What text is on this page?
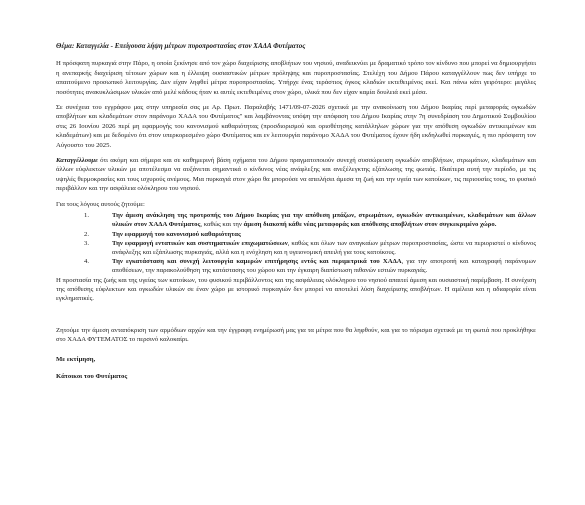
Θέμα: Καταγγελία - Επείγουσα λήψη μέτρων πυροπροστασίας στον ΧΑΔΑ Φυτέματος

Η πρόσφατη πυρκαγιά στην Πάρο, η οποία ξεκίνησε από τον χώρο διαχείρισης αποβλήτων του νησιού, αναδεικνύει με δραματικό τρόπο τον κίνδυνο που μπορεί να δημιουργήσει η ανεπαρκής διαχείριση τέτοιων χώρων και η έλλειψη ουσιαστικών μέτρων πρόληψης και πυροπροστασίας. Στελέχη του Δήμου Πάρου καταγγέλλουν πως δεν υπήρχε το απαιτούμενο προσωπικό λειτουργίας. Δεν είχαν ληφθεί μέτρα πυροπροστασίας. Υπήρχε ένας τεράστιος όγκος κλαδιών εκτεθειμένος εκεί. Και πάνω κάτι γειρότερο: μεγάλες ποσότητες ανακυκλώσιμων υλικών από μελέ κάδους ήταν κι αυτές εκτεθειμένες στον χώρο, υλικά που δεν είχαν καμία δουλειά εκεί μέσα.

Σε συνέχεια του εγγράφου μας στην υπηρεσία σας με Αρ. Πρωτ. Παραλαβής 1471/09-07-2026 σχετικά με την ανακοίνωση του Δήμου Ικαρίας περί μεταφοράς ογκωδών αποβλήτων και κλαδεμάτων στον παράνομο ΧΑΔΑ του Φυτέματος" και λαμβάνοντας υπόψη την απόφαση του Δήμου Ικαρίας στην 7η συνεδρίαση του Δημοτικού Συμβουλίου στις 26 Ιουνίου 2026 περί μη εφαρμογής του κανονισμού καθαριότητας (προσδιορισμού και οριοθέτησης κατάλληλων χώρων για την απόθεση ογκωδών αντικειμένων και κλαδεμάτων) και με δεδομένο ότι στον υπερκορεσμένο χώρο Φυτέματος και εν λειτουργία παράνομο ΧΑΔΑ του Φυτέματος έχουν ήδη εκδηλωθεί πυρκαγιές, η πιο πρόσφατη τον Αύγουστο του 2025.

Καταγγέλλουμε ότι ακόμη και σήμερα και σε καθημερινή βάση οχήματα του Δήμου πραγματοποιούν συνεχή συσσώρευση ογκωδών αποβλήτων, στρωμάτων, κλαδεμάτων και άλλων εύφλεκτων υλικών με αποτέλεσμα να αυξάνεται σημαντικά ο κίνδυνος νέας ανάφλεξης και ανεξέλεγκτης εξάπλωσης της φωτιάς. Ιδιαίτερα αυτή την περίοδο, με τις υψηλές θερμοκρασίες και τους ισχυρούς ανέμους. Μια πυρκαγιά στον χώρο θα μπορούσε να απειλήσει άμεσα τη ζωή και την υγεία των κατοίκων, τις περιουσίες τους, το φυσικό περιβάλλον και την ασφάλεια ολόκληρου του νησιού.

Για τους λόγους αυτούς ζητούμε:

1.	Την άμεση ανάκληση της προτροπής του Δήμου Ικαρίας για την απόθεση μπάζων, στρωμάτων, ογκωδών αντικειμένων, κλαδεμάτων και άλλων υλικών στον ΧΑΔΑ Φυτέματος, καθώς και την άμεση διακοπή κάθε νέας μεταφοράς και απόθεσης αποβλήτων στον συγκεκριμένο χώρο.
2.	Την εφαρμογή του κανονισμού καθαριότητας
3.	Την εφαρμογή εντατικών και συστηματικών επιχωματώσεων, καθώς και όλων των αναγκαίων μέτρων πυροπροστασίας, ώστε να περιοριστεί ο κίνδυνος ανάφλεξης και εξάπλωσης πυρκαγιάς, αλλά και η ενόχληση και η υγειονομική απειλή για τους κατοίκους.
4.	Την εγκατάσταση και συνεχή λειτουργία καμερών επιτήρησης εντός και περιμετρικά του ΧΑΔΑ, για την αποτροπή και καταγραφή παράνομων αποθέσεων, την παρακολούθηση της κατάστασης του χώρου και την έγκαιρη διαπίστωση πιθανών εστιών πυρκαγιάς.

Η προστασία της ζωής και της υγείας των κατοίκων, του φυσικού περιβάλλοντος και της ασφάλειας ολόκληρου του νησιού απαιτεί άμεση και ουσιαστική παρέμβαση. Η συνέχιση της απόθεσης εύφλεκτων και ογκωδών υλικών σε έναν χώρο με ιστορικό πυρκαγιών δεν μπορεί να αποτελεί λύση διαχείρισης αποβλήτων. Η αμέλεια και η αδιαφορία είναι εγκληματικές.

Ζητούμε την άμεση ανταπόκριση των αρμόδιων αρχών και την έγγραφη ενημέρωσή μας για τα μέτρα που θα ληφθούν, και για το πόρισμα σχετικά με τη φωτιά που προκλήθηκε στο ΧΑΔΑ ΦΥΤΕΜΑΤΟΣ το περσινό καλοκαίρι.

Με εκτίμηση,

Κάτοικοι του Φυτέματος
